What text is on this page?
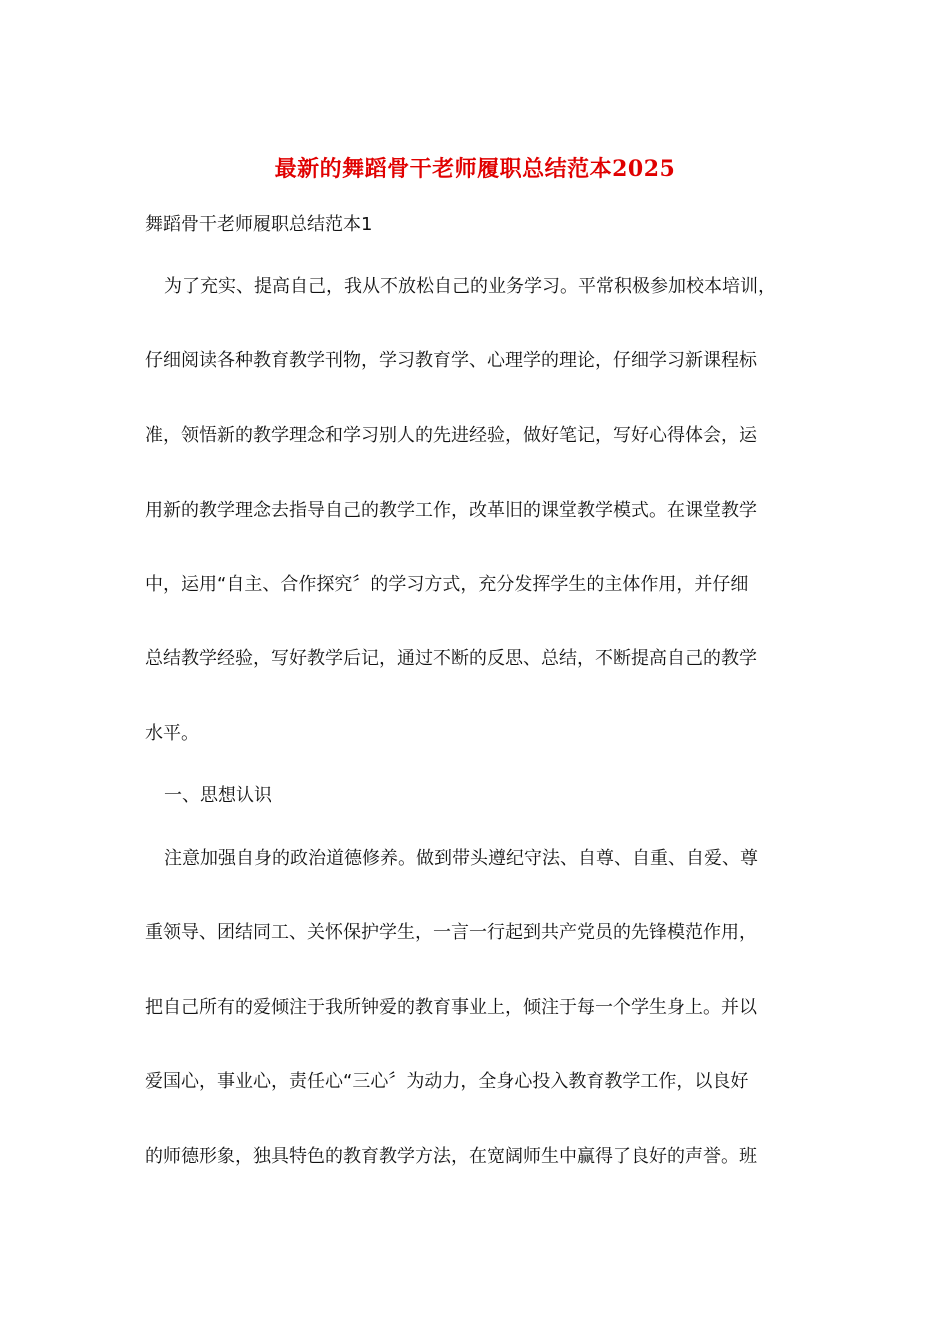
最新的舞蹈骨干老师履职总结范本2025
舞蹈骨干老师履职总结范本1
为了充实、提高自己，我从不放松自己的业务学习。平常积极参加校本培训，
仔细阅读各种教育教学刊物，学习教育学、心理学的理论，仔细学习新课程标
准，领悟新的教学理念和学习别人的先进经验，做好笔记，写好心得体会，运
用新的教学理念去指导自己的教学工作，改革旧的课堂教学模式。在课堂教学
中，运用“自主、合作探究〞的学习方式，充分发挥学生的主体作用，并仔细
总结教学经验，写好教学后记，通过不断的反思、总结，不断提高自己的教学
水平。
一、思想认识
注意加强自身的政治道德修养。做到带头遵纪守法、自尊、自重、自爱、尊
重领导、团结同工、关怀保护学生，一言一行起到共产党员的先锋模范作用，
把自己所有的爱倾注于我所钟爱的教育事业上，倾注于每一个学生身上。并以
爱国心，事业心，责任心“三心〞为动力，全身心投入教育教学工作，以良好
的师德形象，独具特色的教育教学方法，在宽阔师生中赢得了良好的声誉。班
